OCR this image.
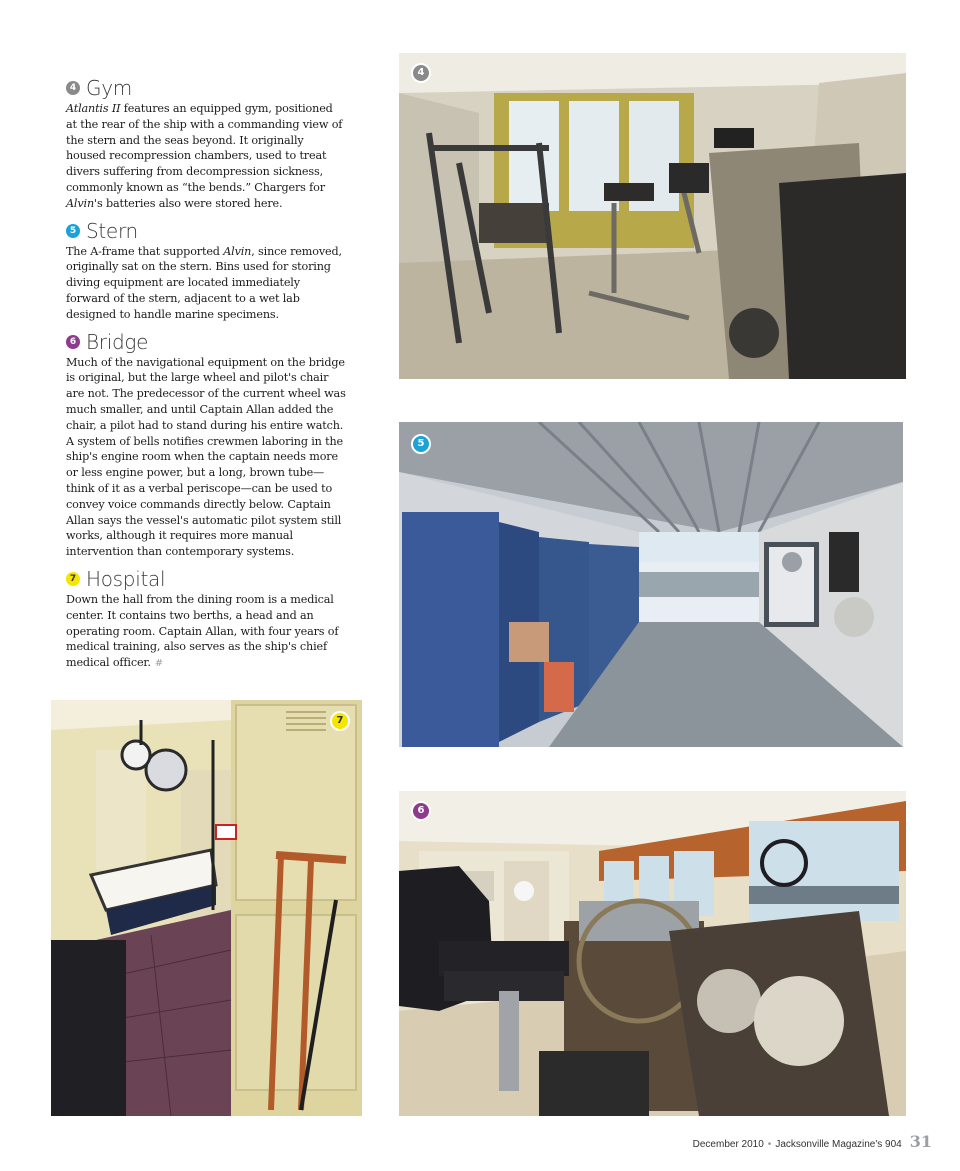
4 Gym

Atlantis II features an equipped gym, positioned at the rear of the ship with a commanding view of the stern and the seas beyond. It originally housed recompression chambers, used to treat divers suffering from decompression sickness, commonly known as “the bends.” Chargers for Alvin's batteries also were stored here.

5 Stern

The A-frame that supported Alvin, since removed, originally sat on the stern. Bins used for storing diving equipment are located immediately forward of the stern, adjacent to a wet lab designed to handle marine specimens.

6 Bridge

Much of the navigational equipment on the bridge is original, but the large wheel and pilot's chair are not. The predecessor of the current wheel was much smaller, and until Captain Allan added the chair, a pilot had to stand during his entire watch. A system of bells notifies crewmen laboring in the ship's engine room when the captain needs more or less engine power, but a long, brown tube—think of it as a verbal periscope—can be used to convey voice commands directly below. Captain Allan says the vessel's automatic pilot system still works, although it requires more manual intervention than contemporary systems.

7 Hospital

Down the hall from the dining room is a medical center. It contains two berths, a head and an operating room. Captain Allan, with four years of medical training, also serves as the ship's chief medical officer. #

4
5
6
7
December 2010 • Jacksonville Magazine's 904 31
